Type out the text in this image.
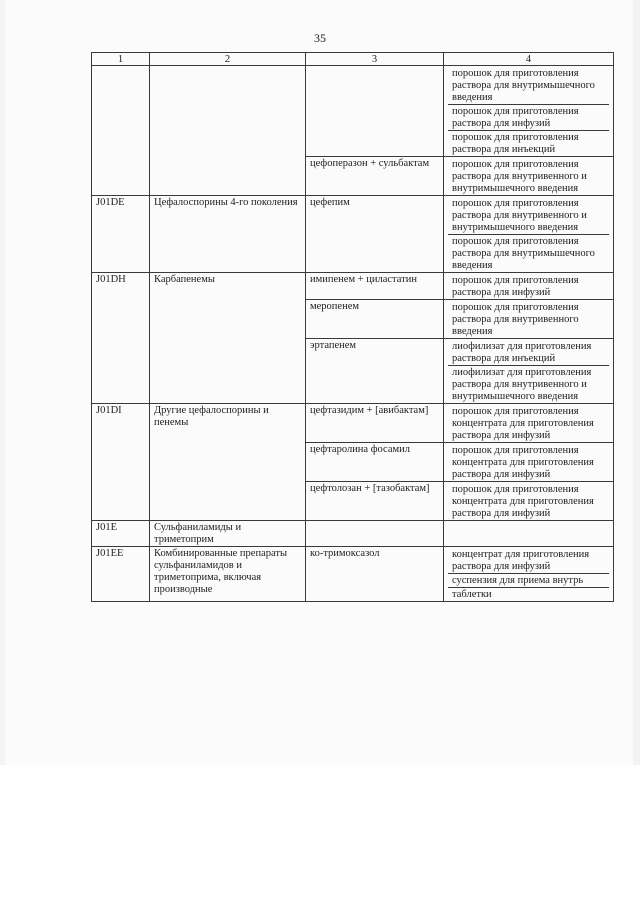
35
1	2	3	4

			порошок для приготовления раствора для внутримышечного введения
порошок для приготовления раствора для инфузий
порошок для приготовления раствора для инъекций

		цефоперазон + сульбактам	порошок для приготовления раствора для внутривенного и внутримышечного введения

J01DE	Цефалоспорины 4-го поколения	цефепим	порошок для приготовления раствора для внутривенного и внутримышечного введения
порошок для приготовления раствора для внутримышечного введения

J01DH	Карбапенемы	имипенем + циластатин	порошок для приготовления раствора для инфузий

		меропенем	порошок для приготовления раствора для внутривенного введения

		эртапенем	лиофилизат для приготовления раствора для инъекций
лиофилизат для приготовления раствора для внутривенного и внутримышечного введения

J01DI	Другие цефалоспорины и пенемы	цефтазидим + [авибактам]	порошок для приготовления концентрата для приготовления раствора для инфузий

		цефтаролина фосамил	порошок для приготовления концентрата для приготовления раствора для инфузий

		цефтолозан + [тазобактам]	порошок для приготовления концентрата для приготовления раствора для инфузий

J01E	Сульфаниламиды и триметоприм		

J01EE	Комбинированные препараты сульфаниламидов и триметоприма, включая производные	ко-тримоксазол	концентрат для приготовления раствора для инфузий
суспензия для приема внутрь
таблетки
